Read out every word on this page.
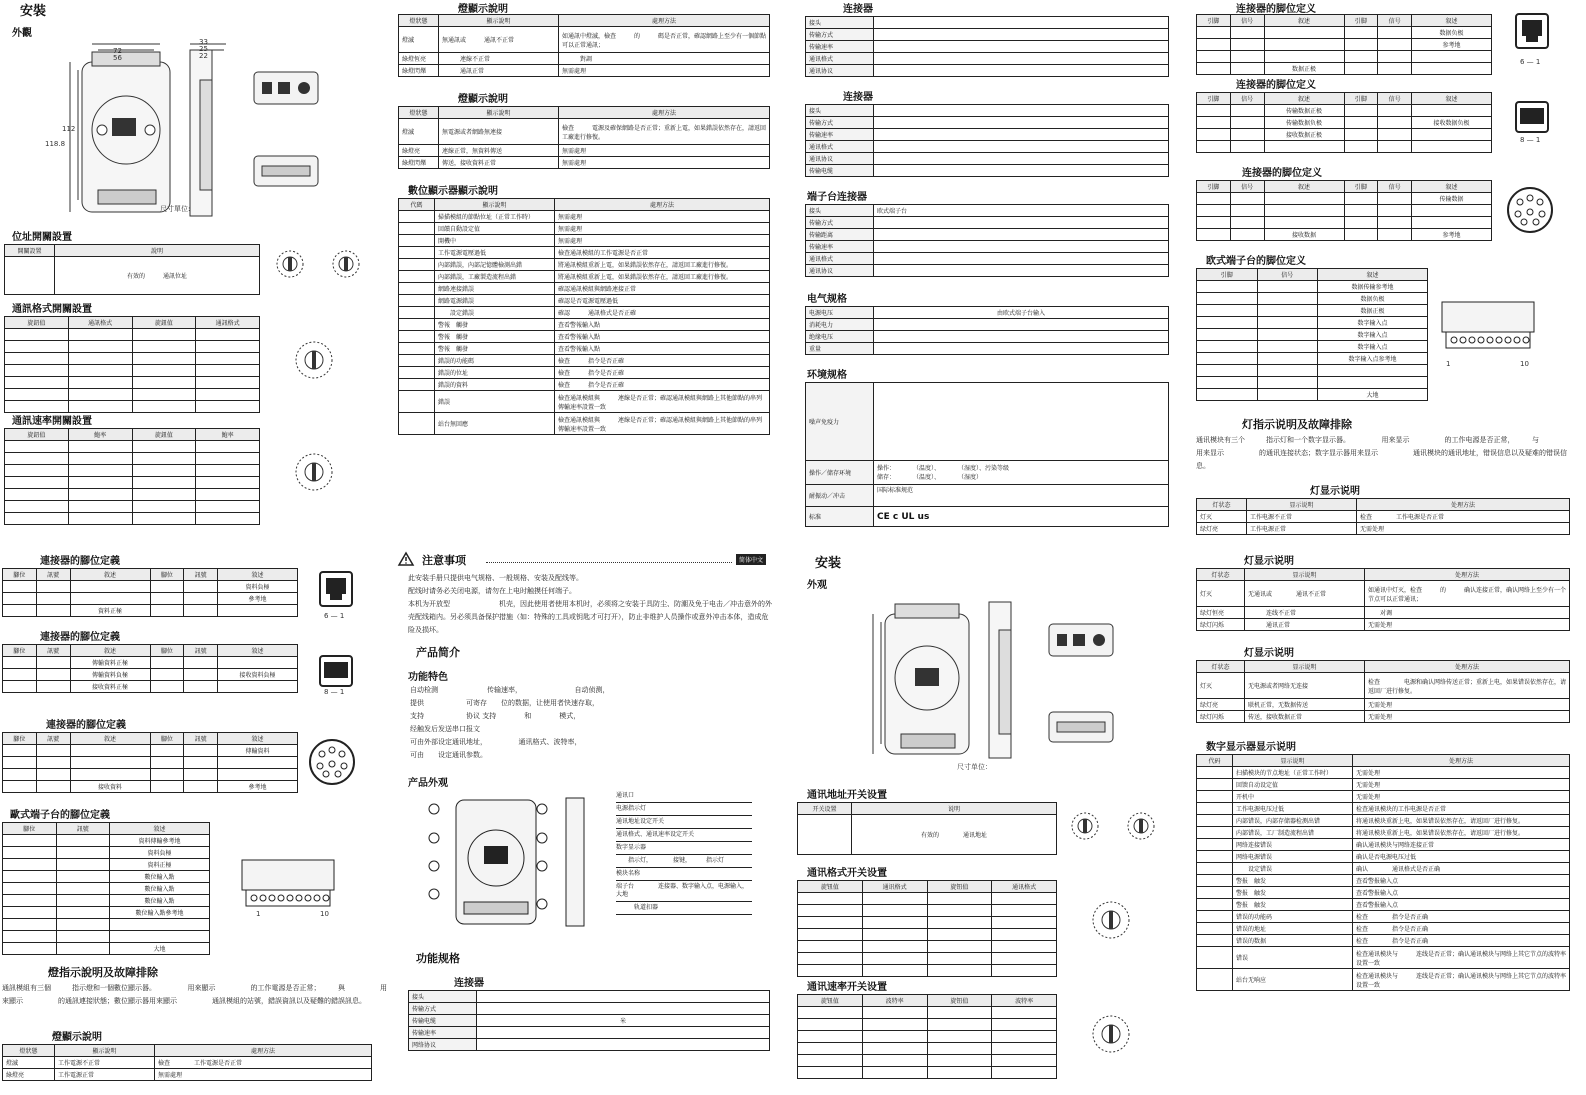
安裝
外觀
72
56
112
118.8
33
25
22
尺寸單位:
位址開關設置
開關設置	說明
	有效的　　　通訊位址
通訊格式開關設置
旋鈕值	通訊格式	旋鈕值	通訊格式

通訊速率開關設置
旋鈕值	鮑率	旋鈕值	鮑率

燈顯示說明
燈狀態	顯示說明	處理方法
燈滅	無通訊或　　　通訊不正常	如通訊中燈滅，檢查　　　的　　　碼是否正常，確認網路上至少有一個節點可以正常通訊；
綠燈恆亮	　　　連線不正常	　　　對調
綠燈閃爍	　　　通訊正常	無需處理
燈顯示說明
燈狀態	顯示說明	處理方法
燈滅	無電源或者網路無連接	檢查　　　電源及確保網路是否正常；重新上電，如果錯誤依然存在，請返回工廠進行修復。
綠燈亮	連線正常，無資料傳送	無需處理
綠燈閃爍	傳送，接收資料正常	無需處理
數位顯示器顯示說明
代碼	顯示說明	處理方法
	掃描模組的節點位址（正常工作時）	無需處理
	回饋自動設定值	無需處理
	開機中	無需處理
	工作電源電壓過低	檢查通訊模組的工作電源是否正常
	內部錯誤，內部記憶體檢測出錯	將通訊模組重新上電，如果錯誤依然存在，請返回工廠進行修復。
	內部錯誤，工廠製造流程出錯	將通訊模組重新上電，如果錯誤依然存在，請返回工廠進行修復。
	網路連接錯誤	確認通訊模組與網路連接正常
	網路電源錯誤	確認是否電源電壓過低
	　　設定錯誤	確認　　　通訊格式是否正確
	警報　觸發	查看警報輸入點
	警報　觸發	查看警報輸入點
	警報　觸發	查看警報輸入點
	錯誤的功能碼	檢查　　　指令是否正確
	錯誤的位址	檢查　　　指令是否正確
	錯誤的資料	檢查　　　指令是否正確
	錯誤	檢查通訊模組與　　　連線是否正常；確認通訊模組與網路上其他節點的串列傳輸速率設置一致
	站台無回應	檢查通訊模組與　　　連線是否正常；確認通訊模組與網路上其他節點的串列傳輸速率設置一致
连接器
接头	
传输方式	
传输速率	
通讯格式	
通讯协议	
连接器
接头	
传输方式	
传输速率	
通讯格式	
通讯协议	
传输电缆	
端子台连接器
接头	欧式端子台
传输方式	
传输距离	
传输速率	
通讯格式	
通讯协议	
电气规格
电源电压	由欧式端子台输入
消耗电力	
绝缘电压	
重量	
环境规格
噪声免疫力	
操作／储存环境	操作：　　　　（温度）、　　　　（湿度）、污染等级
储存：　　　　（温度）、　　　　（湿度）
耐振动／冲击	国际标准规范
标准	CE c UL us
连接器的脚位定义
引脚	信号	叙述	引脚	信号	叙述
					数据负极
					参考地

		数据正极			
6 — 1
连接器的脚位定义
引脚	信号	叙述	引脚	信号	叙述
		传输数据正极			
		传输数据负极			接收数据负极
		接收数据正极			

8 — 1
连接器的脚位定义
引脚	信号	叙述	引脚	信号	叙述
					传输数据

		接收数据			参考地
欧式端子台的脚位定义
引脚	信号	叙述
		数据传输参考地
		数据负极
		数据正极
		数字输入点
		数字输入点
		数字输入点
		数字输入点参考地

		大地
1	10
灯指示说明及故障排除
通讯模块有三个　　　指示灯和一个数字显示器。　　　　　用来显示　　　　　的工作电源是否正常，　　　与　　　　　　用来显示　　　　　的通讯连接状态；数字显示器用来显示　　　　　通讯模块的通讯地址，错误信息以及疑难的错误信息。
灯显示说明
灯状态	显示说明	处理方法
灯灭	工作电源不正常	检查　　　　工作电源是否正常
绿灯亮	工作电源正常	无需处理
連接器的腳位定義
腳位	訊號	敘述	腳位	訊號	敘述
					資料負極
					參考地
		資料正極			
6 — 1
連接器的腳位定義
腳位	訊號	敘述	腳位	訊號	敘述
		傳輸資料正極			
		傳輸資料負極			接收資料負極
		接收資料正極			
8 — 1
連接器的腳位定義
腳位	訊號	敘述	腳位	訊號	敘述
					傳輸資料

		接收資料			參考地
歐式端子台的腳位定義
腳位	訊號	敘述
		資料傳輸參考地
		資料負極
		資料正極
		數位輸入點
		數位輸入點
		數位輸入點
		數位輸入點參考地

		大地
1	10
燈指示說明及故障排除
通訊模組有三個　　　指示燈和一個數位顯示器。　　　　　用來顯示　　　　　的工作電源是否正常；　　　與　　　　　用來顯示　　　　　的通訊連接狀態；數位顯示器用來顯示　　　　　通訊模組的站號，錯誤資訊以及疑難的錯誤訊息。
燈顯示說明
燈狀態	顯示說明	處理方法
燈滅	工作電源不正常	檢查　　　　工作電源是否正常
綠燈亮	工作電源正常	無需處理
注意事项	简体中文
此安装手册只提供电气规格、一般规格、安装及配线等。
配线时请务必关闭电源，请勿在上电时触摸任何端子。
本机为开放型　　　　　　　机壳，因此使用者使用本机时，必须将之安装于具防尘、防潮及免于电击／冲击意外的外壳配线箱内。另必须具备保护措施（如：特殊的工具或钥匙才可打开），防止非维护人员操作或意外冲击本体，造成危险及损坏。
产品简介
功能特色
自动检测　　　　　　　传输速率，　　　　　　　　自动侦测，
提供　　　　　　可寄存　　位的数据，让使用者快速存取，
支持　　　　　　协议 支持　　　　和　　　　模式，
经触发后发送串口报文
可由外部设定通讯地址，　　　　　通讯格式、波特率，
可由　　设定通讯参数。
产品外观
通讯口
电源指示灯
通讯地址设定开关
通讯格式、通讯速率设定开关
数字显示器
　　指示灯，　　　　接键，　　　指示灯
模块名称
端子台　　　　连接器、数字输入点，电源输入，大地
　　　轨道扣器
功能规格
连接器
接头	
传输方式	
传输电缆	米
传输速率	
网络协议	
安装
外观
尺寸单位：
通讯地址开关设置
开关设置	说明
	有效的　　　　通讯地址
通讯格式开关设置
旋钮值	通讯格式	旋钮值	通讯格式

通讯速率开关设置
旋钮值	波特率	旋钮值	波特率

灯显示说明
灯状态	显示说明	处理方法
灯灭	无通讯或　　　　通讯不正常	如通讯中灯灭，检查　　　的　　　确认连接正常，确认网络上至少有一个节点可以正常通讯；
绿灯恒亮	　　　连线不正常	　　对调
绿灯闪烁	　　　通讯正常	无需处理
灯显示说明
灯状态	显示说明	处理方法
灯灭	无电源或者网络无连接	检查　　　　电源和确认网络传送正常；重新上电，如果错误依然存在，请返回厂进行修复。
绿灯亮	联机正常，无数据传送	无需处理
绿灯闪烁	传送，接收数据正常	无需处理
数字显示器显示说明
代码	显示说明	处理方法
	扫描模块的节点地址（正常工作时）	无需处理
	回馈自动设定值	无需处理
	开机中	无需处理
	工作电源电压过低	检查通讯模块的工作电源是否正常
	内部错误，内部存储器检测出错	将通讯模块重新上电，如果错误依然存在，请返回厂进行修复。
	内部错误，工厂制造流程出错	将通讯模块重新上电，如果错误依然存在，请返回厂进行修复。
	网络连接错误	确认通讯模块与网络连接正常
	网络电源错误	确认是否电源电压过低
	　　设定错误	确认　　　　通讯格式是否正确
	警报　触发	查看警报输入点
	警报　触发	查看警报输入点
	警报　触发	查看警报输入点
	错误的功能码	检查　　　　指令是否正确
	错误的地址	检查　　　　指令是否正确
	错误的数据	检查　　　　指令是否正确
	错误	检查通讯模块与　　　连线是否正常；确认通讯模块与网络上其它节点的波特率设置一致
	站台无响应	检查通讯模块与　　　连线是否正常；确认通讯模块与网络上其它节点的波特率设置一致
